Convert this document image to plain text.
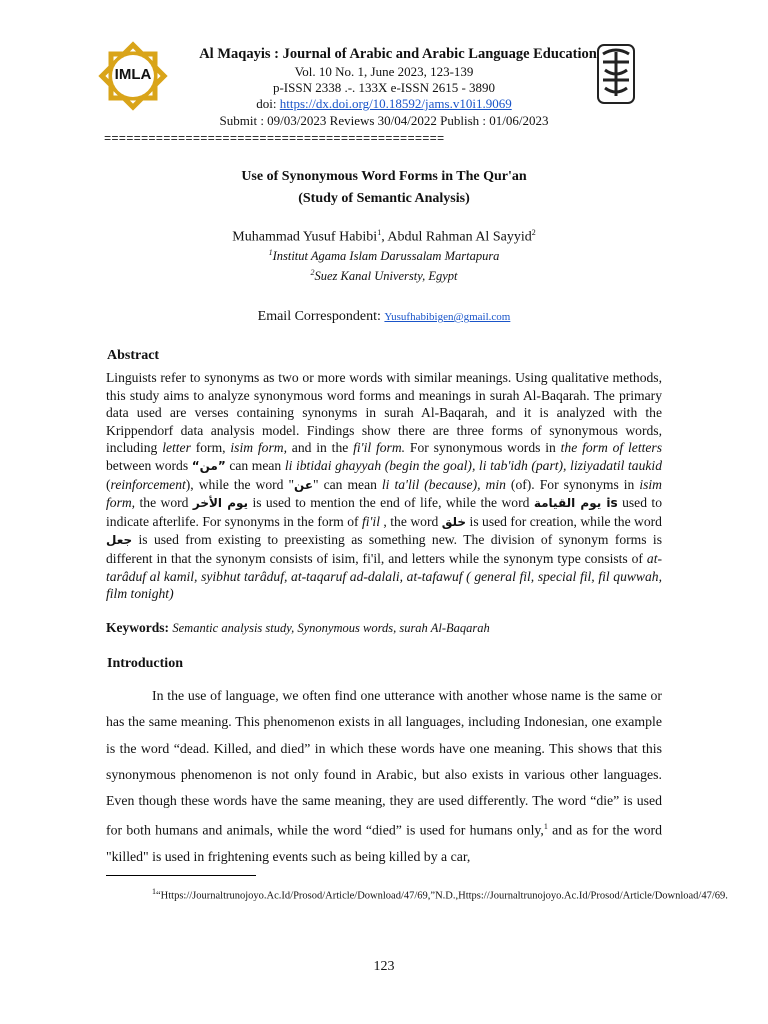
IMLA
Al Maqayis : Journal of Arabic and Arabic Language Education
Vol. 10 No. 1, June 2023, 123-139
p-ISSN 2338 .-. 133X e-ISSN 2615 - 3890
doi: https://dx.doi.org/10.18592/jams.v10i1.9069
Submit : 09/03/2023 Reviews 30/04/2022 Publish : 01/06/2023
==============================================
Use of Synonymous Word Forms in The Qur'an
(Study of Semantic Analysis)
Muhammad Yusuf Habibi$^1$, Abdul Rahman Al Sayyid$^2$
$^1$Institut Agama Islam Darussalam Martapura
$^2$Suez Kanal Universty, Egypt
Email Correspondent: Yusufhabibigen@gmail.com
Abstract
Linguists refer to synonyms as two or more words with similar meanings. Using qualitative methods, this study aims to analyze synonymous word forms and meanings in surah Al-Baqarah. The primary data used are verses containing synonyms in surah Al-Baqarah, and it is analyzed with the Krippendorf data analysis model. Findings show there are three forms of synonymous words, including letter form, isim form, and in the fi'il form. For synonymous words in the form of letters between words “من” can mean li ibtidai ghayyah (begin the goal), li tab'idh (part), liziyadatil taukid (reinforcement), while the word "عن" can mean li ta'lil (because), min (of). For synonyms in isim form, the word يوم الأخر is used to mention the end of life, while the word يوم القيامة is used to indicate afterlife. For synonyms in the form of fi'il , the word خلق is used for creation, while the word جعل is used from existing to preexisting as something new. The division of synonym forms is different in that the synonym consists of isim, fi'il, and letters while the synonym type consists of at-tarâduf al kamil, syibhut tarâduf, at-taqaruf ad-dalali, at-tafawuf ( general fil, special fil, fil quwwah, film tonight)
Keywords: Semantic analysis study, Synonymous words, surah Al-Baqarah
Introduction
In the use of language, we often find one utterance with another whose name is the same or has the same meaning. This phenomenon exists in all languages, including Indonesian, one example is the word “dead. Killed, and died” in which these words have one meaning. This shows that this synonymous phenomenon is not only found in Arabic, but also exists in various other languages. Even though these words have the same meaning, they are used differently. The word “die” is used for both humans and animals, while the word “died” is used for humans only,$^1$ and as for the word "killed" is used in frightening events such as being killed by a car,
$^1$“Https://Journaltrunojoyo.Ac.Id/Prosod/Article/Download/47/69,”N.D.,Https://Journaltrunojoyo.Ac.Id/Prosod/Article/Download/47/69.
123
